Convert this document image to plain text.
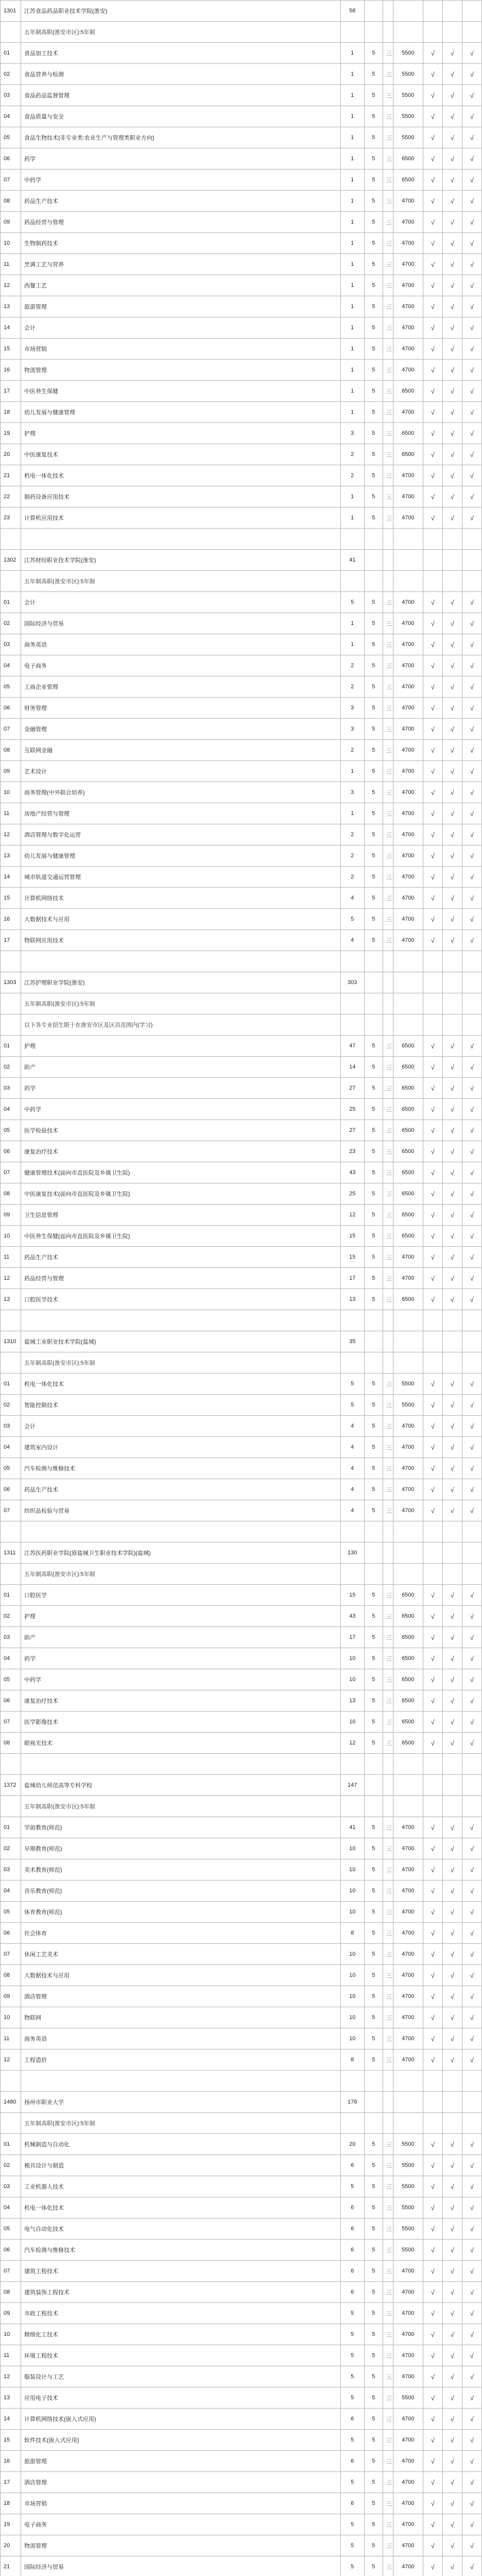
1301	江苏食品药品职业技术学院(淮安)	58						
	五年制高职(淮安市区):5年制							
01	食品加工技术	1	5	三	5500	√	√	√
02	食品营养与检测	1	5	三	5500	√	√	√
03	食品药品监督管理	1	5	三	5500	√	√	√
04	食品质量与安全	1	5	三	5500	√	√	√
05	食品生物技术(非专业类:农业生产与管理类职业方向)	1	5	三	5500	√	√	√
06	药学	1	5	三	6500	√	√	√
07	中药学	1	5	三	6500	√	√	√
08	药品生产技术	1	5	三	4700	√	√	√
09	药品经营与管理	1	5	三	4700	√	√	√
10	生物制药技术	1	5	三	4700	√	√	√
11	烹调工艺与营养	1	5	三	4700	√	√	√
12	西餐工艺	1	5	三	4700	√	√	√
13	旅游管理	1	5	三	4700	√	√	√
14	会计	1	5	三	4700	√	√	√
15	市场营销	1	5	三	4700	√	√	√
16	物流管理	1	5	三	4700	√	√	√
17	中医养生保健	1	5	三	6500	√	√	√
18	幼儿发展与健康管理	1	5	三	4700	√	√	√
19	护理	3	5	三	6500	√	√	√
20	中医康复技术	2	5	三	6500	√	√	√
21	机电一体化技术	2	5	三	4700	√	√	√
22	制药设备应用技术	1	5	三	4700	√	√	√
23	计算机应用技术	1	5	三	4700	√	√	√

1302	江苏财经职业技术学院(淮安)	41						
	五年制高职(淮安市区):5年制							
01	会计	5	5	三	4700	√	√	√
02	国际经济与贸易	1	5	三	4700	√	√	√
03	商务英语	1	5	三	4700	√	√	√
04	电子商务	2	5	三	4700	√	√	√
05	工商企业管理	2	5	三	4700	√	√	√
06	财务管理	3	5	三	4700	√	√	√
07	金融管理	3	5	三	4700	√	√	√
08	互联网金融	2	5	三	4700	√	√	√
09	艺术设计	1	5	三	4700	√	√	√
10	商务管理(中外联合培养)	3	5	三	4700	√	√	√
11	房地产经营与管理	1	5	三	4700	√	√	√
12	酒店管理与数字化运营	2	5	三	4700	√	√	√
13	幼儿发展与健康管理	2	5	三	4700	√	√	√
14	城市轨道交通运营管理	2	5	三	4700	√	√	√
15	计算机网络技术	4	5	三	4700	√	√	√
16	大数据技术与应用	5	5	三	4700	√	√	√
17	物联网应用技术	4	5	三	4700	√	√	√

1303	江苏护理职业学院(淮安)	303						
	五年制高职(淮安市区):5年制							
	以下各专业招生限于在淮安市区及区县范围内(学习)							
01	护理	47	5	三	6500	√	√	√
02	助产	14	5	三	6500	√	√	√
03	药学	27	5	三	6500	√	√	√
04	中药学	25	5	三	6500	√	√	√
05	医学检验技术	27	5	三	6500	√	√	√
06	康复治疗技术	23	5	三	6500	√	√	√
07	健康管理技术(面向市直医院及乡镇卫生院)	43	5	三	6500	√	√	√
08	中医康复技术(面向市直医院及乡镇卫生院)	25	5	三	6500	√	√	√
09	卫生信息管理	12	5	三	6500	√	√	√
10	中医养生保健(面向市直医院及乡镇卫生院)	15	5	三	6500	√	√	√
11	药品生产技术	15	5	三	4700	√	√	√
12	药品经营与管理	17	5	三	4700	√	√	√
13	口腔医学技术	13	5	三	6500	√	√	√

1310	盐城工业职业技术学院(盐城)	35						
	五年制高职(淮安市区):5年制							
01	机电一体化技术	5	5	三	5500	√	√	√
02	智能控制技术	5	5	三	5500	√	√	√
03	会计	4	5	三	4700	√	√	√
04	建筑室内设计	4	5	三	4700	√	√	√
05	汽车检测与维修技术	4	5	三	4700	√	√	√
06	药品生产技术	4	5	三	4700	√	√	√
07	纺织品检验与贸易	4	5	三	4700	√	√	√

1311	江苏医药职业学院(原盐城卫生职业技术学院)(盐城)	130						
	五年制高职(淮安市区):5年制							
01	口腔医学	15	5	三	6500	√	√	√
02	护理	43	5	三	6500	√	√	√
03	助产	17	5	三	6500	√	√	√
04	药学	10	5	三	6500	√	√	√
05	中药学	10	5	三	6500	√	√	√
06	康复治疗技术	13	5	三	6500	√	√	√
07	医学影像技术	10	5	三	6500	√	√	√
08	眼视光技术	12	5	三	6500	√	√	√

1372	盐城幼儿师范高等专科学校	147						
	五年制高职(淮安市区):5年制							
01	学前教育(师范)	41	5	三	4700	√	√	√
02	早期教育(师范)	10	5	三	4700	√	√	√
03	美术教育(师范)	10	5	三	4700	√	√	√
04	音乐教育(师范)	10	5	三	4700	√	√	√
05	体育教育(师范)	10	5	三	4700	√	√	√
06	社会体育	8	5	三	4700	√	√	√
07	休闲工艺美术	10	5	三	4700	√	√	√
08	大数据技术与应用	10	5	三	4700	√	√	√
09	酒店管理	10	5	三	4700	√	√	√
10	物联网	10	5	三	4700	√	√	√
11	商务英语	10	5	三	4700	√	√	√
12	工程造价	8	5	三	4700	√	√	√

1480	扬州市职业大学	178						
	五年制高职(淮安市区):5年制							
01	机械制造与自动化	20	5	三	5500	√	√	√
02	模具设计与制造	6	5	三	5500	√	√	√
03	工业机器人技术	5	5	三	5500	√	√	√
04	机电一体化技术	6	5	三	5500	√	√	√
05	电气自动化技术	6	5	三	5500	√	√	√
06	汽车检测与维修技术	6	5	三	5500	√	√	√
07	建筑工程技术	6	5	三	4700	√	√	√
08	建筑装饰工程技术	6	5	三	4700	√	√	√
09	市政工程技术	5	5	三	4700	√	√	√
10	精细化工技术	5	5	三	4700	√	√	√
11	环境工程技术	5	5	三	4700	√	√	√
12	服装设计与工艺	5	5	三	4700	√	√	√
13	应用电子技术	5	5	三	5500	√	√	√
14	计算机网络技术(嵌入式应用)	6	5	三	4700	√	√	√
15	软件技术(嵌入式应用)	5	5	三	4700	√	√	√
16	旅游管理	6	5	三	4700	√	√	√
17	酒店管理	5	5	三	4700	√	√	√
18	市场营销	6	5	三	4700	√	√	√
19	电子商务	5	5	三	4700	√	√	√
20	物流管理	5	5	三	4700	√	√	√
21	国际经济与贸易	5	5	三	4700	√	√	√
